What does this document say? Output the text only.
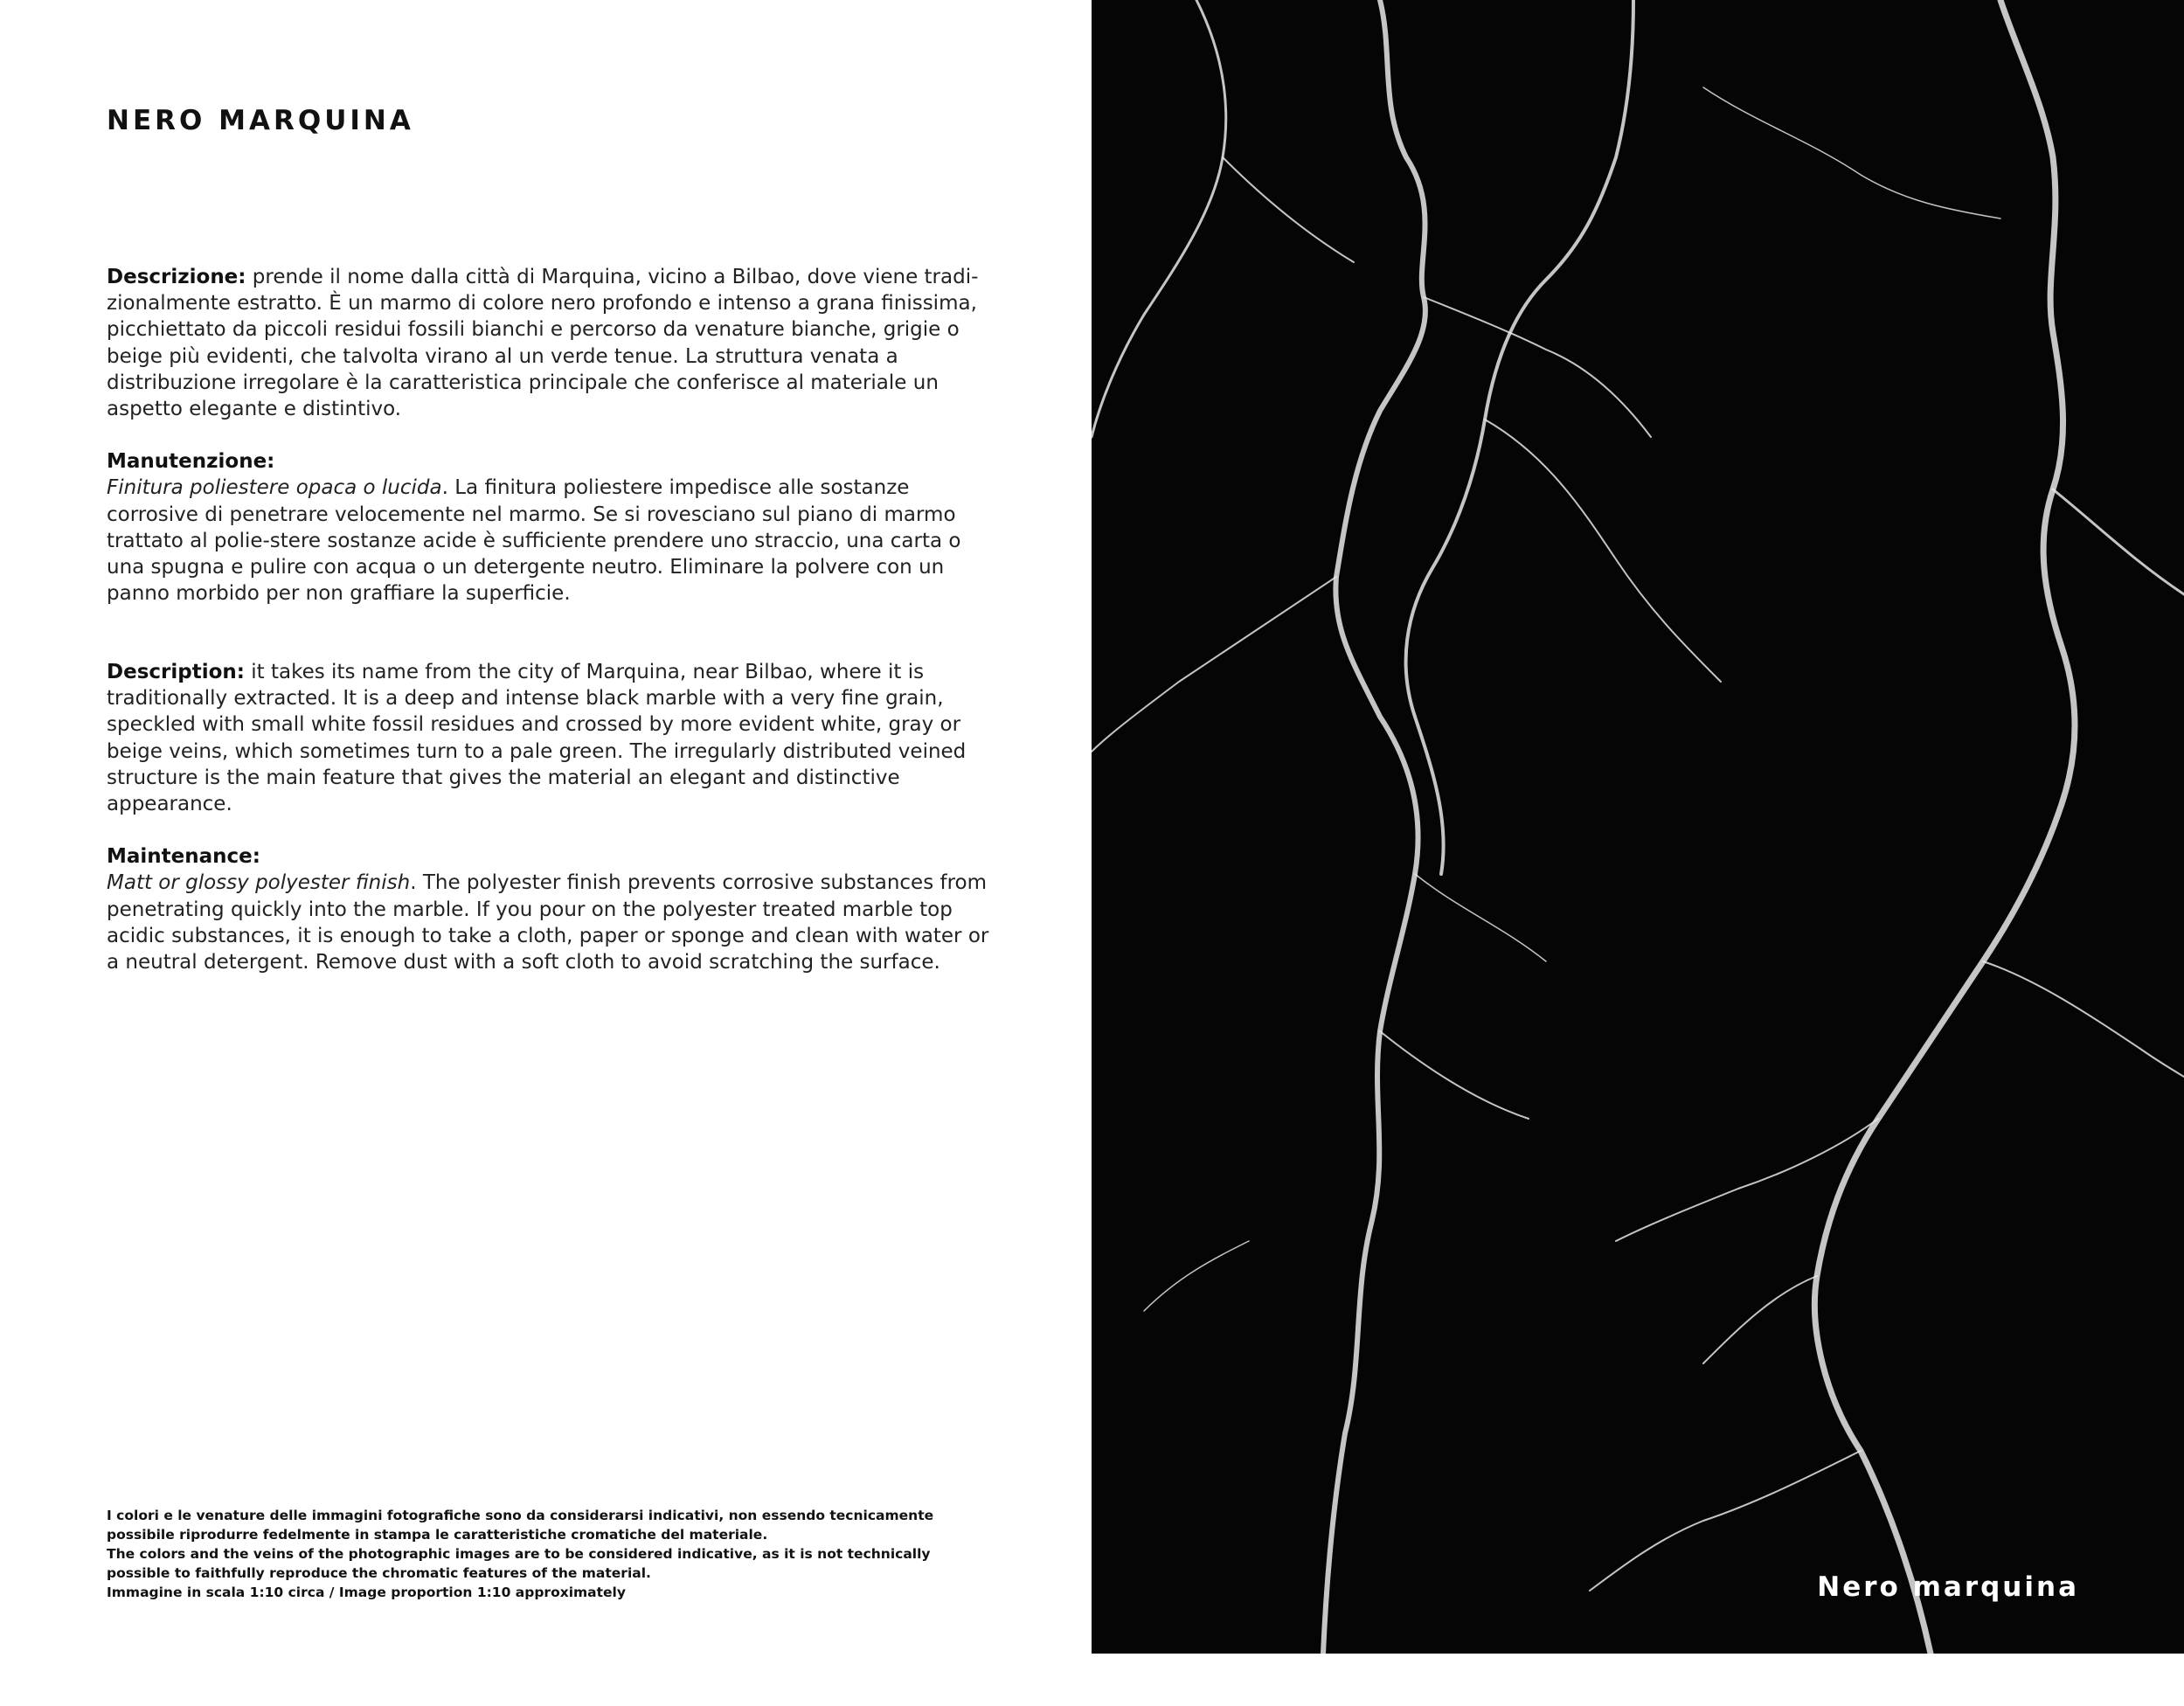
NERO MARQUINA

Descrizione: prende il nome dalla città di Marquina, vicino a Bilbao, dove viene tradi-zionalmente estratto. È un marmo di colore nero profondo e intenso a grana finissima, picchiettato da piccoli residui fossili bianchi e percorso da venature bianche, grigie o beige più evidenti, che talvolta virano al un verde tenue. La struttura venata a distribuzione irregolare è la caratteristica principale che conferisce al materiale un aspetto elegante e distintivo.

Manutenzione:

Finitura poliestere opaca o lucida. La finitura poliestere impedisce alle sostanze corrosive di penetrare velocemente nel marmo. Se si rovesciano sul piano di marmo trattato al polie-stere sostanze acide è sufficiente prendere uno straccio, una carta o una spugna e pulire con acqua o un detergente neutro. Eliminare la polvere con un panno morbido per non graffiare la superficie.

Description: it takes its name from the city of Marquina, near Bilbao, where it is traditionally extracted. It is a deep and intense black marble with a very fine grain, speckled with small white fossil residues and crossed by more evident white, gray or beige veins, which sometimes turn to a pale green. The irregularly distributed veined structure is the main feature that gives the material an elegant and distinctive appearance.

Maintenance:

Matt or glossy polyester finish. The polyester finish prevents corrosive substances from penetrating quickly into the marble. If you pour on the polyester treated marble top acidic substances, it is enough to take a cloth, paper or sponge and clean with water or a neutral detergent. Remove dust with a soft cloth to avoid scratching the surface.

I colori e le venature delle immagini fotografiche sono da considerarsi indicativi, non essendo tecnicamente possibile riprodurre fedelmente in stampa le caratteristiche cromatiche del materiale.

The colors and the veins of the photographic images are to be considered indicative, as it is not technically possible to faithfully reproduce the chromatic features of the material.

Immagine in scala 1:10 circa / Image proportion 1:10 approximately	Nero marquina
